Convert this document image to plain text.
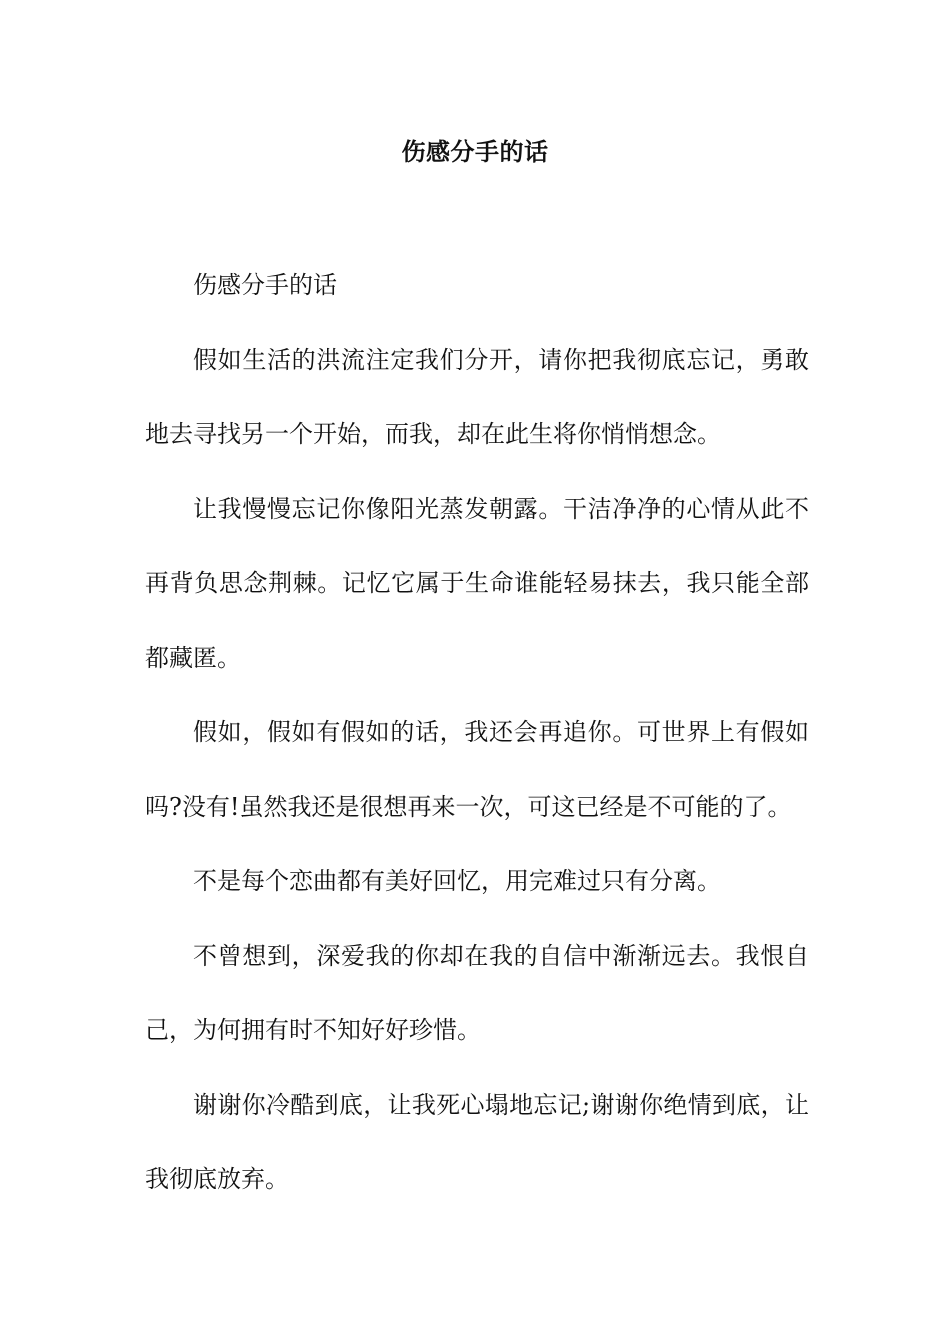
伤感分手的话

伤感分手的话

假如生活的洪流注定我们分开，请你把我彻底忘记，勇敢地去寻找另一个开始，而我，却在此生将你悄悄想念。

让我慢慢忘记你像阳光蒸发朝露。干洁净净的心情从此不再背负思念荆棘。记忆它属于生命谁能轻易抹去，我只能全部都藏匿。

假如，假如有假如的话，我还会再追你。可世界上有假如吗?没有!虽然我还是很想再来一次，可这已经是不可能的了。

不是每个恋曲都有美好回忆，用完难过只有分离。

不曾想到，深爱我的你却在我的自信中渐渐远去。我恨自己，为何拥有时不知好好珍惜。

谢谢你冷酷到底，让我死心塌地忘记;谢谢你绝情到底，让我彻底放弃。
